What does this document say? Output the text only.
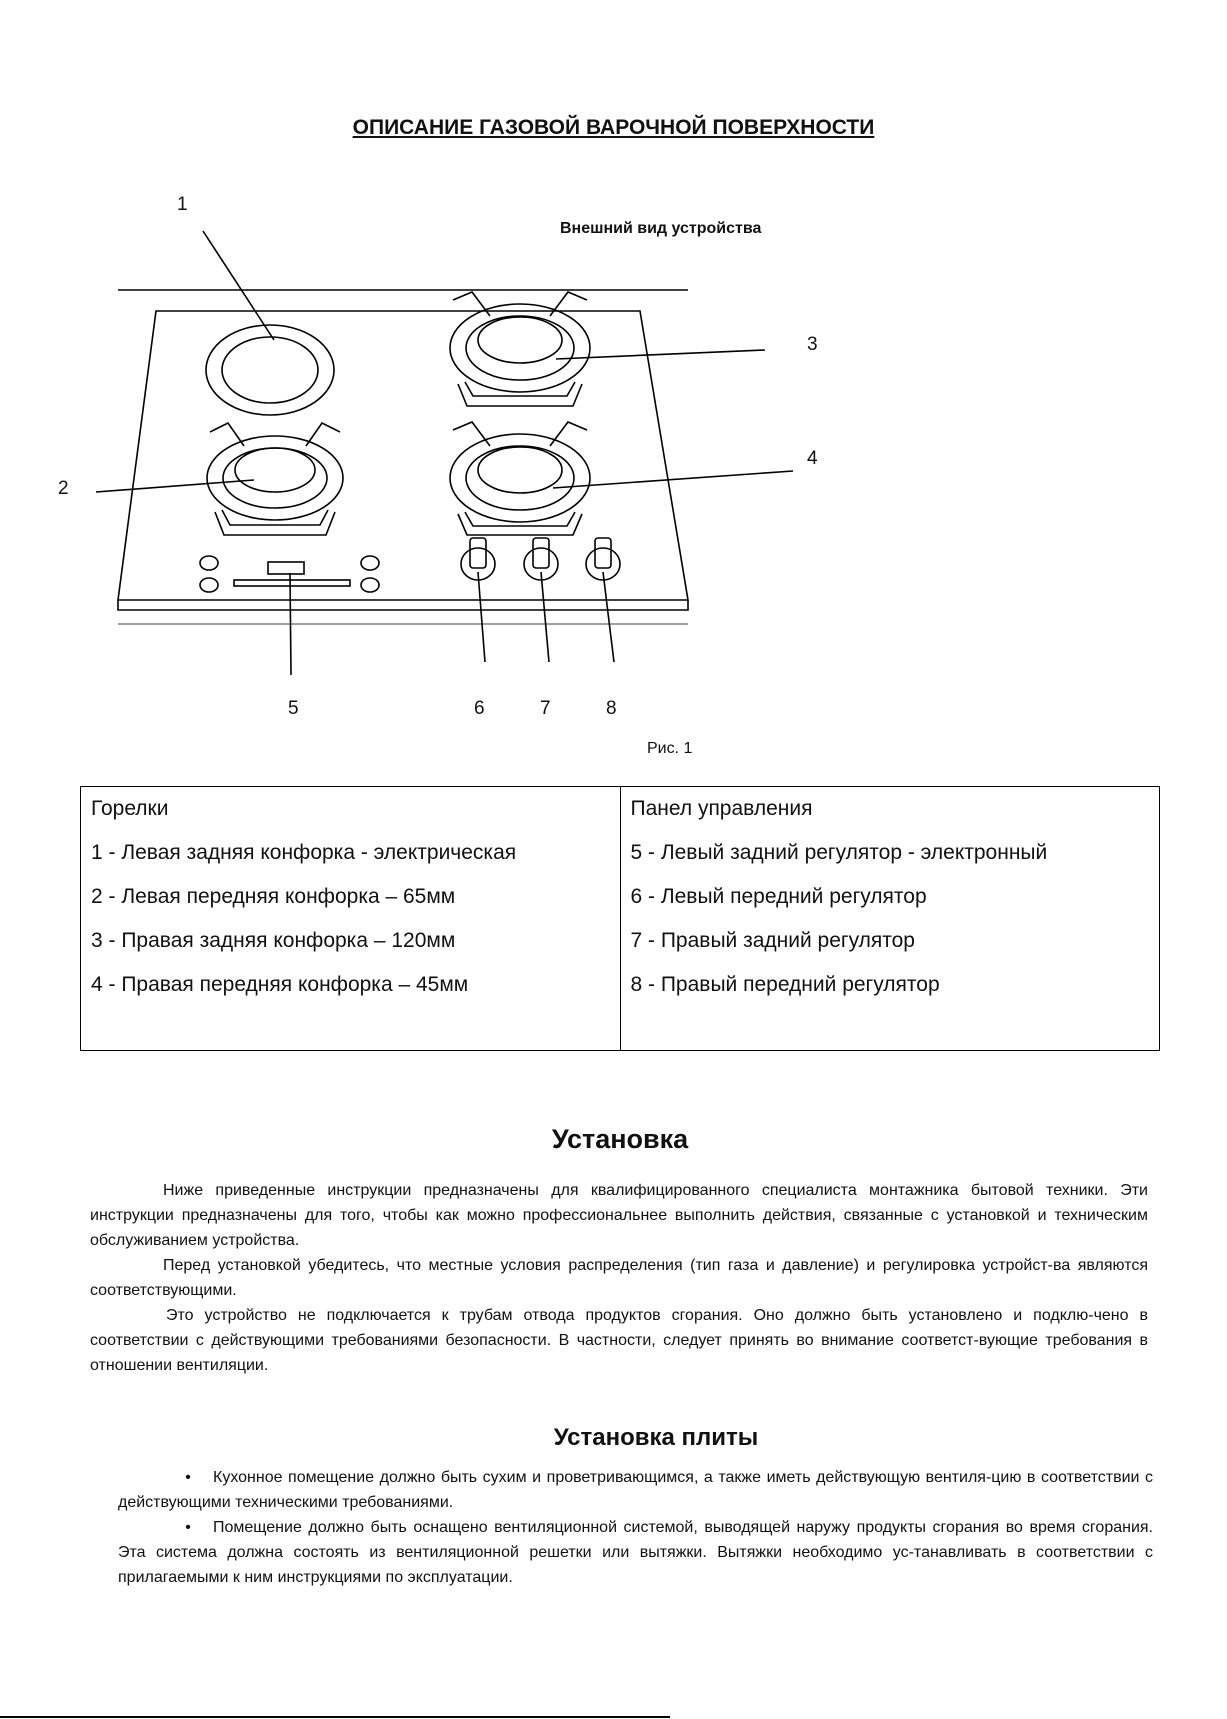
ОПИСАНИЕ ГАЗОВОЙ ВАРОЧНОЙ ПОВЕРХНОСТИ
Внешний вид устройства
1
2
3
4
5	6	7	8
Рис. 1
Горелки
1 - Левая задняя конфорка - электрическая
2 - Левая передняя конфорка – 65мм
3 - Правая задняя конфорка – 120мм
4 - Правая передняя конфорка – 45мм

Панел управления
5 - Левый задний регулятор - электронный
6 - Левый передний регулятор
7 - Правый задний регулятор
8 - Правый передний регулятор
Установка

Ниже приведенные инструкции предназначены для квалифицированного специалиста монтажника бытовой техники. Эти инструкции предназначены для того, чтобы как можно профессиональнее выполнить действия, связанные с установкой и техническим обслуживанием устройства.

Перед установкой убедитесь, что местные условия распределения (тип газа и давление) и регулировка устройст-ва являются соответствующими.

Это устройство не подключается к трубам отвода продуктов сгорания. Оно должно быть установлено и подклю-чено в соответствии с действующими требованиями безопасности. В частности, следует принять во внимание соответст-вующие требования в отношении вентиляции.

Установка плиты
• Кухонное помещение должно быть сухим и проветривающимся, а также иметь действующую вентиля-цию в соответствии с действующими техническими требованиями.
• Помещение должно быть оснащено вентиляционной системой, выводящей наружу продукты сгорания во время сгорания. Эта система должна состоять из вентиляционной решетки или вытяжки. Вытяжки необходимо ус-танавливать в соответствии с прилагаемыми к ним инструкциями по эксплуатации.
